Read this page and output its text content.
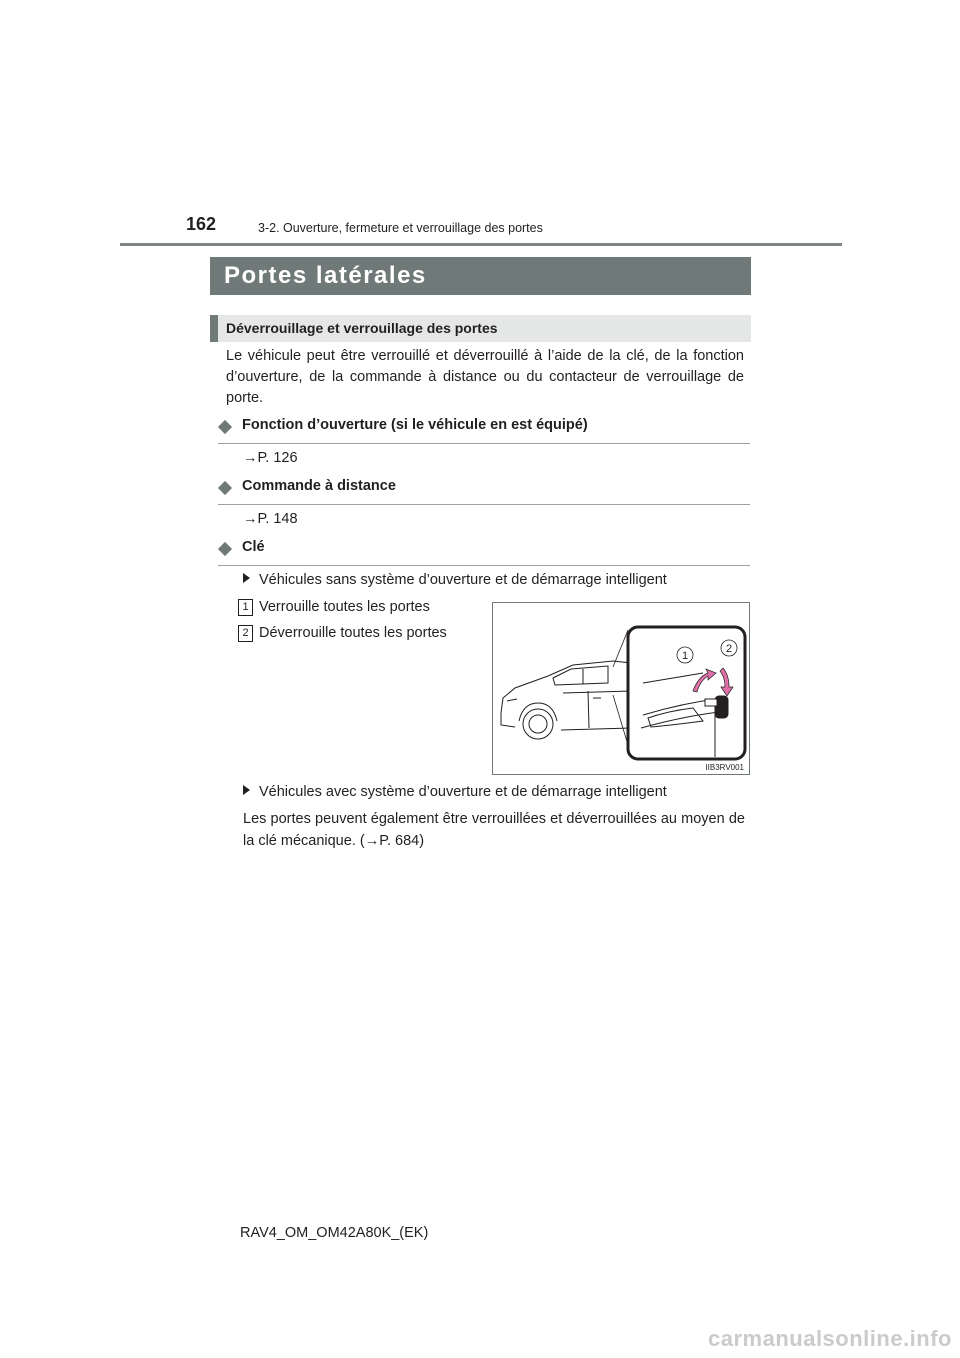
162	3-2. Ouverture, fermeture et verrouillage des portes
Portes latérales
Déverrouillage et verrouillage des portes
Le véhicule peut être verrouillé et déverrouillé à l’aide de la clé, de la fonction d’ouverture, de la commande à distance ou du contacteur de verrouillage de porte.
Fonction d’ouverture (si le véhicule en est équipé)
→P. 126
Commande à distance
→P. 148
Clé
Véhicules sans système d’ouverture et de démarrage intelligent
1 Verrouille toutes les portes
2 Déverrouille toutes les portes
1
2
IIB3RV001
Véhicules avec système d’ouverture et de démarrage intelligent
Les portes peuvent également être verrouillées et déverrouillées au moyen de la clé mécanique. (→P. 684)
RAV4_OM_OM42A80K_(EK)
carmanualsonline.info
